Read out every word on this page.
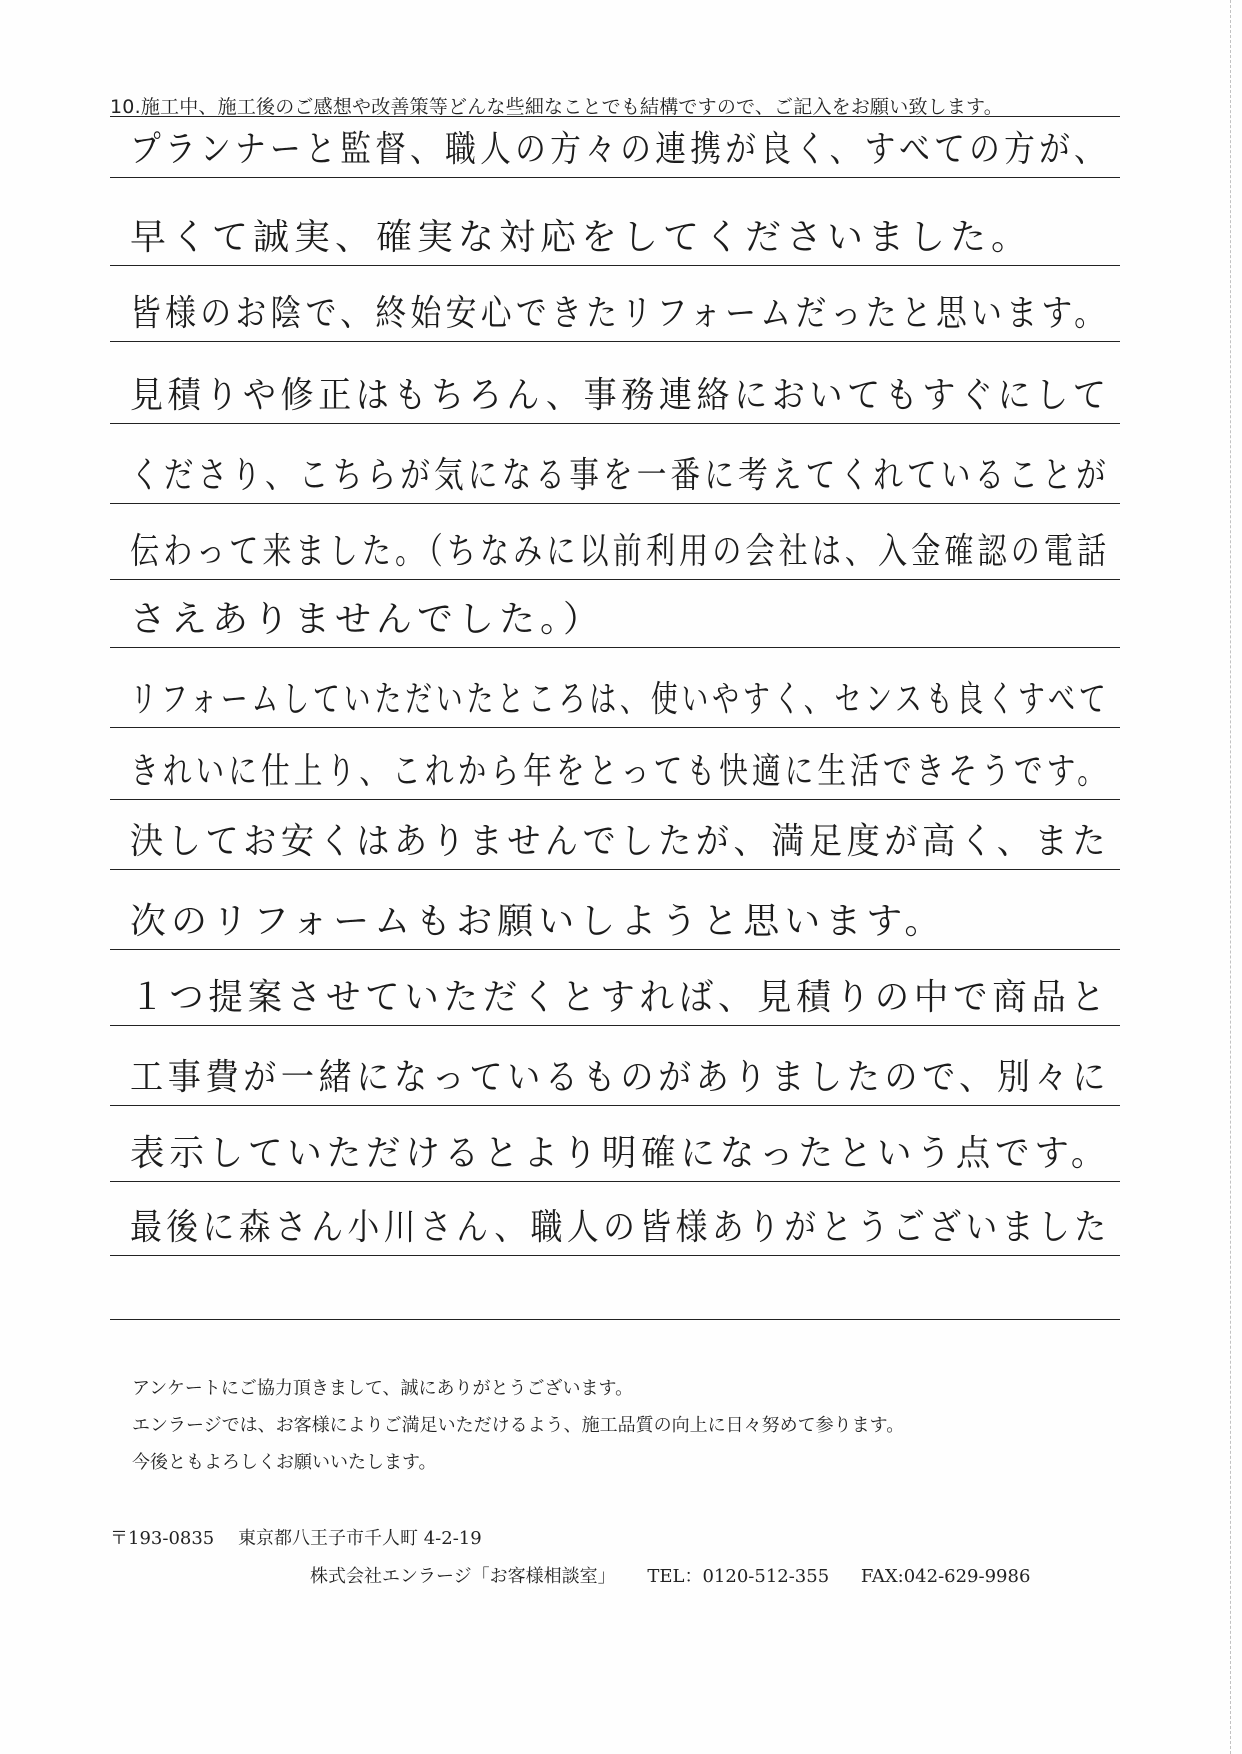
10.施工中、施工後のご感想や改善策等どんな些細なことでも結構ですので、ご記入をお願い致します。
プランナーと監督、職人の方々の連携が良く、すべての方が、
早くて誠実、確実な対応をしてくださいました。
皆様のお陰で、終始安心できたリフォームだったと思います。
見積りや修正はもちろん、事務連絡においてもすぐにして
くださり、こちらが気になる事を一番に考えてくれていることが
伝わって来ました。（ちなみに以前利用の会社は、入金確認の電話
さえありませんでした。）
リフォームしていただいたところは、使いやすく、センスも良くすべて
きれいに仕上り、これから年をとっても快適に生活できそうです。
決してお安くはありませんでしたが、満足度が高く、また
次のリフォームもお願いしようと思います。
１つ提案させていただくとすれば、見積りの中で商品と
工事費が一緒になっているものがありましたので、別々に
表示していただけるとより明確になったという点です。
最後に森さん小川さん、職人の皆様ありがとうございました
アンケートにご協力頂きまして、誠にありがとうございます。
エンラージでは、お客様によりご満足いただけるよう、施工品質の向上に日々努めて参ります。
今後ともよろしくお願いいたします。
〒193-0835 東京都八王子市千人町 4-2-19
株式会社エンラージ「お客様相談室」 TEL：0120-512-355 FAX:042-629-9986
